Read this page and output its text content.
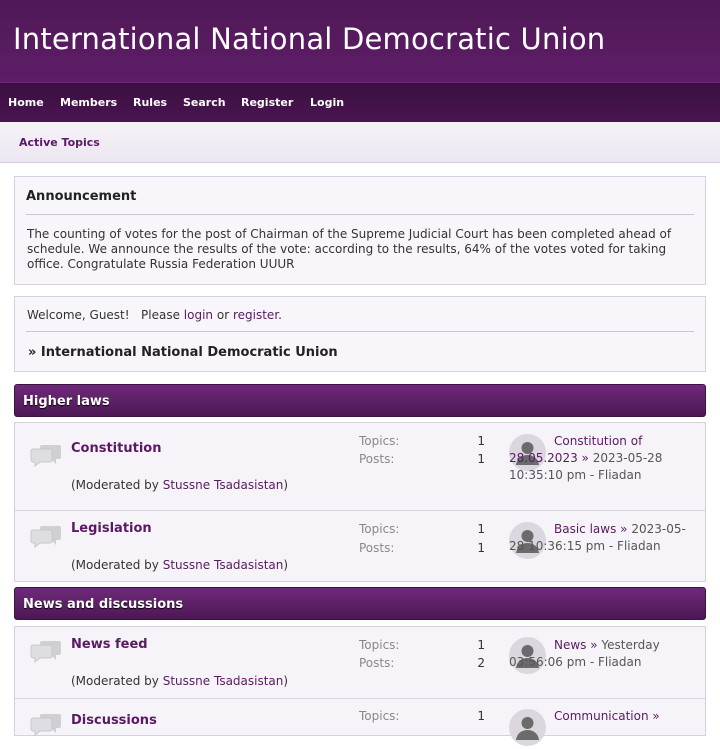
International National Democratic Union
Home Members Rules Search Register Login
Active Topics
Announcement
The counting of votes for the post of Chairman of the Supreme Judicial Court has been completed ahead of schedule. We announce the results of the vote: according to the results, 64% of the votes voted for taking office. Congratulate Russia Federation UUUR
Welcome, Guest!   Please login or register.
» International National Democratic Union
Higher laws
Constitution
(Moderated by Stussne Tsadasistan)
Topics:	1
Posts:	1
Constitution of 28.05.2023 » 2023-05-28 10:35:10 pm - Fliadan
Legislation
(Moderated by Stussne Tsadasistan)
Topics:	1
Posts:	1
Basic laws » 2023-05-28 10:36:15 pm - Fliadan
News and discussions
News feed
(Moderated by Stussne Tsadasistan)
Topics:	1
Posts:	2
News » Yesterday 03:56:06 pm - Fliadan
Discussions	Topics:	1	Communication »
